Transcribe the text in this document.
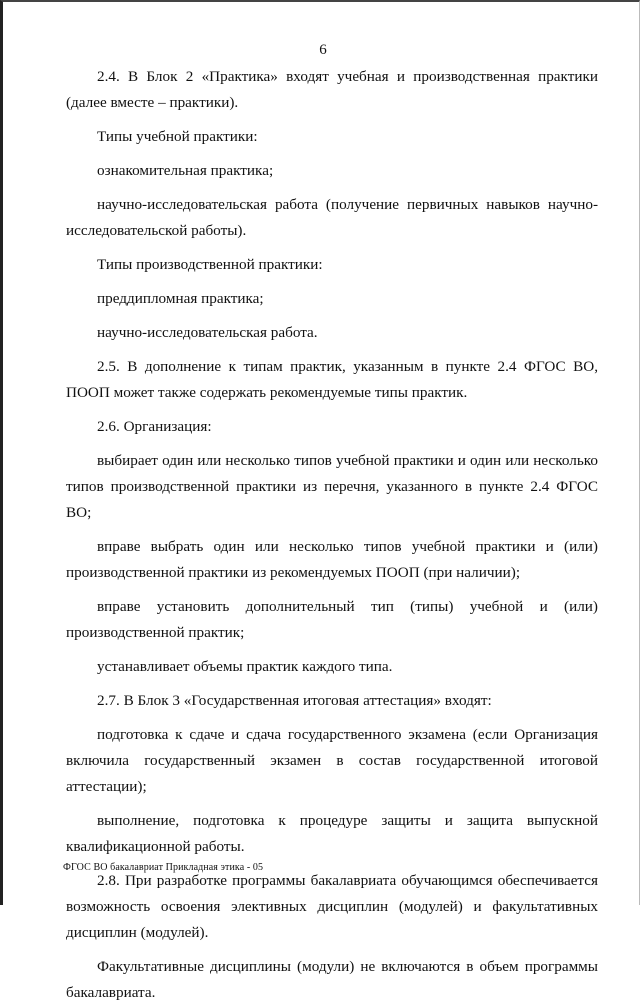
6

2.4. В Блок 2 «Практика» входят учебная и производственная практики (далее вместе – практики).

Типы учебной практики:

ознакомительная практика;

научно-исследовательская работа (получение первичных навыков научно-исследовательской работы).

Типы производственной практики:

преддипломная практика;

научно-исследовательская работа.

2.5. В дополнение к типам практик, указанным в пункте 2.4 ФГОС ВО, ПООП может также содержать рекомендуемые типы практик.

2.6. Организация:

выбирает один или несколько типов учебной практики и один или несколько типов производственной практики из перечня, указанного в пункте 2.4 ФГОС ВО;

вправе выбрать один или несколько типов учебной практики и (или) производственной практики из рекомендуемых ПООП (при наличии);

вправе установить дополнительный тип (типы) учебной и (или) производственной практик;

устанавливает объемы практик каждого типа.

2.7. В Блок 3 «Государственная итоговая аттестация» входят:

подготовка к сдаче и сдача государственного экзамена (если Организация включила государственный экзамен в состав государственной итоговой аттестации);

выполнение, подготовка к процедуре защиты и защита выпускной квалификационной работы.

2.8. При разработке программы бакалавриата обучающимся обеспечивается возможность освоения элективных дисциплин (модулей) и факультативных дисциплин (модулей).

Факультативные дисциплины (модули) не включаются в объем программы бакалавриата.

ФГОС ВО бакалавриат Прикладная этика - 05
